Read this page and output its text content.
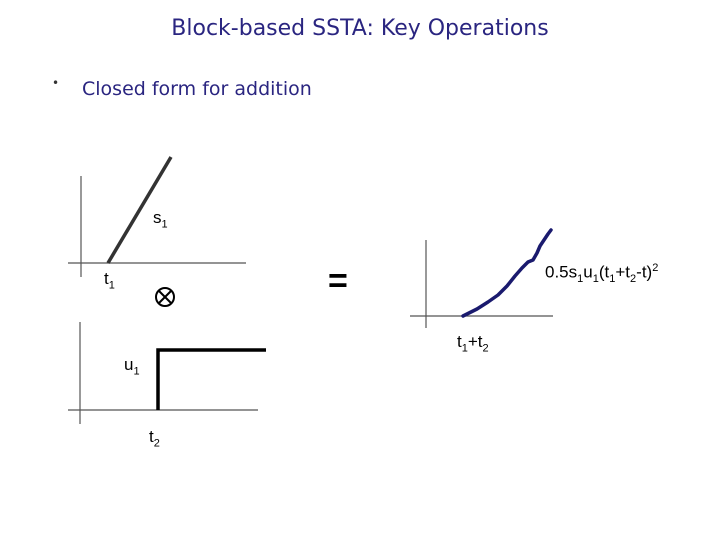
Block-based SSTA: Key Operations
• Closed form for addition
$s_1$
$t_1$
$u_1$
$t_2$
=
$t_1+t_2$
$0.5s_1u_1(t_1+t_2-t)^2$
